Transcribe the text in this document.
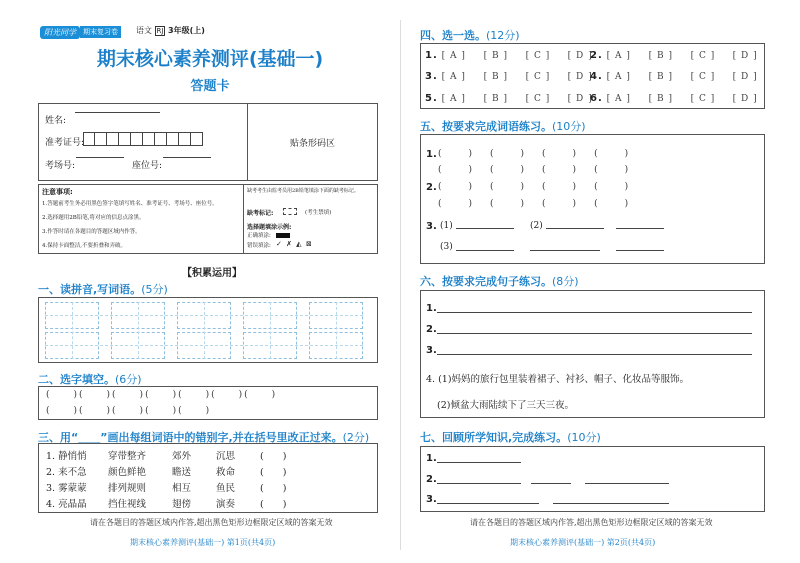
阳光同学	期末复习卷	语文 RJ 3年级(上)
期末核心素养测评(基础一)
答题卡
姓名:
准考证号:
考场号:	座位号:
贴条形码区
注意事项:
1.答题前考生务必用黑色签字笔填写姓名、准考证号、考场号、座位号。
2.选择题用2B铅笔,将对应的信息点涂黑。
3.作答时请在各题目的答题区域内作答。
4.保持卡面整洁,不要折叠和弄破。
缺考考生由监考员用2B铅笔填涂下面的缺考标记。
缺考标记:	(考生禁填)
选择题填涂示例:
正确填涂:
错误填涂: ✓ ✗ ◭ ⊠
【积累运用】
一、读拼音,写词语。(5分)
二、选字填空。(6分)
(  )(  )(  )(  )(  )(  )(  )
(  )(  )(  )(  )(  )
三、用“____”画出每组词语中的错别字,并在括号里改正过来。(2分)
1. 静悄悄 穿带整齐	郊外	沉思	(  )
2. 来不急 颜色鲜艳	瞻送	救命	(  )
3. 雾蒙蒙 排列规则	相互	鱼民	(  )
4. 亮晶晶 挡住视线	翅傍	演奏	(  )
请在各题目的答题区域内作答,超出黑色矩形边框限定区域的答案无效
期末核心素养测评(基础一) 第1页(共4页)
四、选一选。(12分)
1. [ A ] [ B ] [ C ] [ D ]
2. [ A ] [ B ] [ C ] [ D ]
3. [ A ] [ B ] [ C ] [ D ]
4. [ A ] [ B ] [ C ] [ D ]
5. [ A ] [ B ] [ C ] [ D ]
6. [ A ] [ B ] [ C ] [ D ]
五、按要求完成词语练习。(10分)
1. (   )  (   )  (   )  (   )
(   )  (   )  (   )  (   )
2. (   )  (   )  (   )  (   )
(   )  (   )  (   )  (   )
3. (1)	(2)
(3)
六、按要求完成句子练习。(8分)
1.
2.
3.
4. (1)妈妈的旅行包里装着裙子、衬衫、帽子、化妆品等服饰。
(2)倾盆大雨陆续下了三天三夜。
七、回顾所学知识,完成练习。(10分)
1.
2.
3.
请在各题目的答题区域内作答,超出黑色矩形边框限定区域的答案无效
期末核心素养测评(基础一) 第2页(共4页)
